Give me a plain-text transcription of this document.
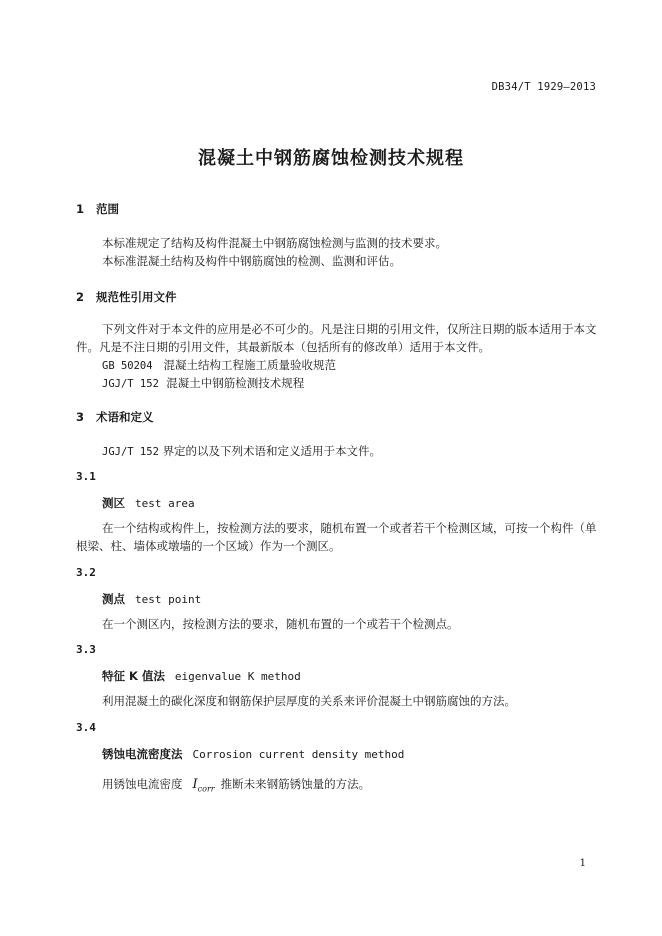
DB34/T 1929—2013
混凝土中钢筋腐蚀检测技术规程
1 范围
本标准规定了结构及构件混凝土中钢筋腐蚀检测与监测的技术要求。
本标准混凝土结构及构件中钢筋腐蚀的检测、监测和评估。
2 规范性引用文件

下列文件对于本文件的应用是必不可少的。凡是注日期的引用文件，仅所注日期的版本适用于本文件。凡是不注日期的引用文件，其最新版本（包括所有的修改单）适用于本文件。

GB 50204 混凝土结构工程施工质量验收规范
JGJ/T 152 混凝土中钢筋检测技术规程
3 术语和定义
JGJ/T 152 界定的以及下列术语和定义适用于本文件。
3.1
测区 test area

在一个结构或构件上，按检测方法的要求，随机布置一个或者若干个检测区域，可按一个构件（单根梁、柱、墙体或墩墙的一个区域）作为一个测区。

3.2
测点 test point

在一个测区内，按检测方法的要求，随机布置的一个或若干个检测点。

3.3
特征 K 值法 eigenvalue K method

利用混凝土的碳化深度和钢筋保护层厚度的关系来评价混凝土中钢筋腐蚀的方法。

3.4
锈蚀电流密度法 Corrosion current density method
用锈蚀电流密度 $I_{corr}$ 推断未来钢筋锈蚀量的方法。
1
